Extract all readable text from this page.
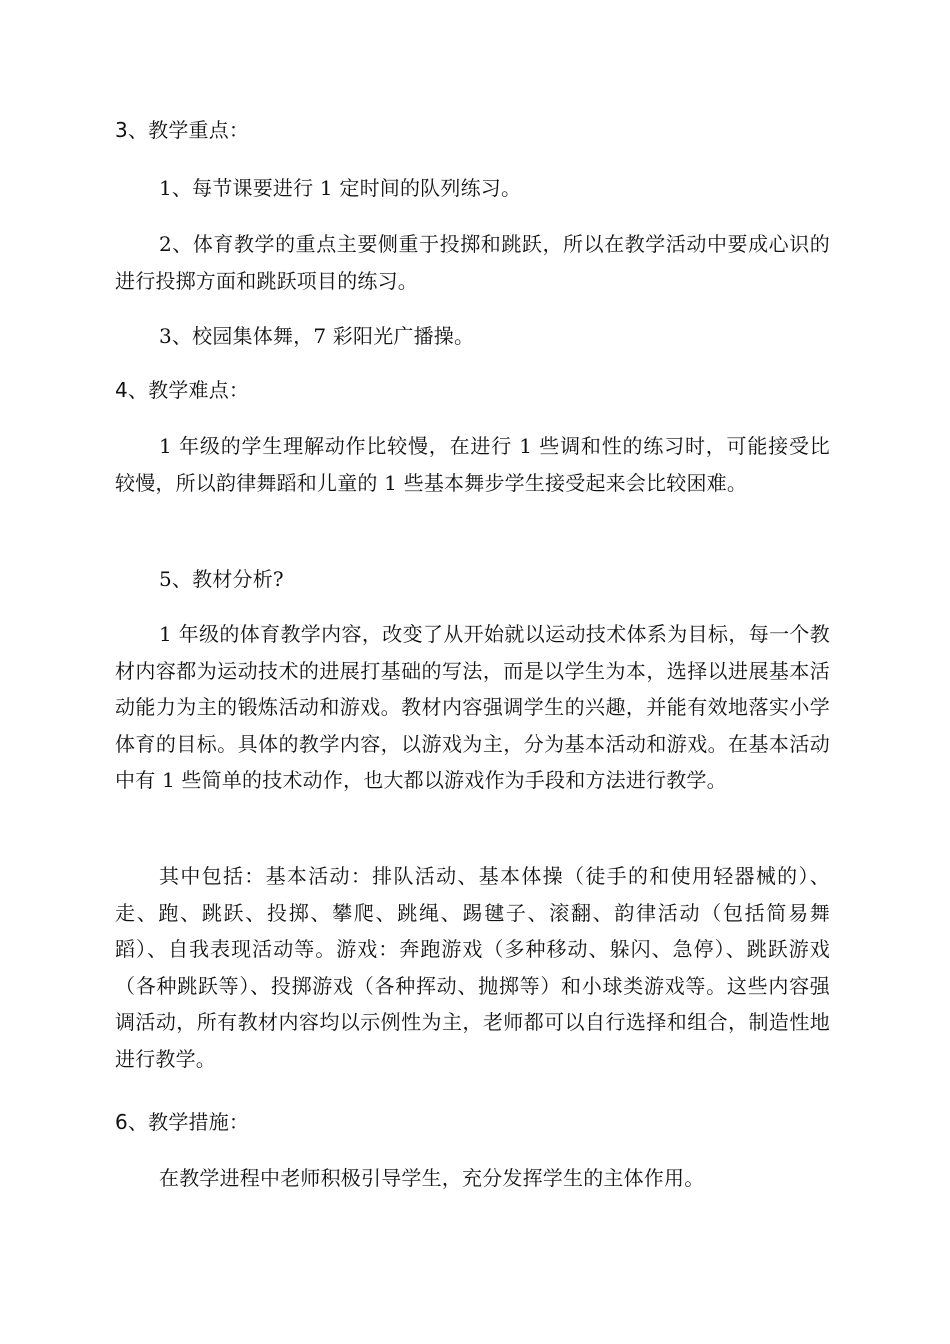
3、教学重点：

1、每节课要进行 1 定时间的队列练习。

2、体育教学的重点主要侧重于投掷和跳跃，所以在教学活动中要成心识的进行投掷方面和跳跃项目的练习。

3、校园集体舞，7 彩阳光广播操。

4、教学难点：

1 年级的学生理解动作比较慢，在进行 1 些调和性的练习时，可能接受比较慢，所以韵律舞蹈和儿童的 1 些基本舞步学生接受起来会比较困难。

5、教材分析?

1 年级的体育教学内容，改变了从开始就以运动技术体系为目标，每一个教材内容都为运动技术的进展打基础的写法，而是以学生为本，选择以进展基本活动能力为主的锻炼活动和游戏。教材内容强调学生的兴趣，并能有效地落实小学体育的目标。具体的教学内容，以游戏为主，分为基本活动和游戏。在基本活动中有 1 些简单的技术动作，也大都以游戏作为手段和方法进行教学。

其中包括：基本活动：排队活动、基本体操（徒手的和使用轻器械的）、走、跑、跳跃、投掷、攀爬、跳绳、踢毽子、滚翻、韵律活动（包括简易舞蹈）、自我表现活动等。游戏：奔跑游戏（多种移动、躲闪、急停）、跳跃游戏（各种跳跃等）、投掷游戏（各种挥动、抛掷等）和小球类游戏等。这些内容强调活动，所有教材内容均以示例性为主，老师都可以自行选择和组合，制造性地进行教学。

6、教学措施：

在教学进程中老师积极引导学生，充分发挥学生的主体作用。
